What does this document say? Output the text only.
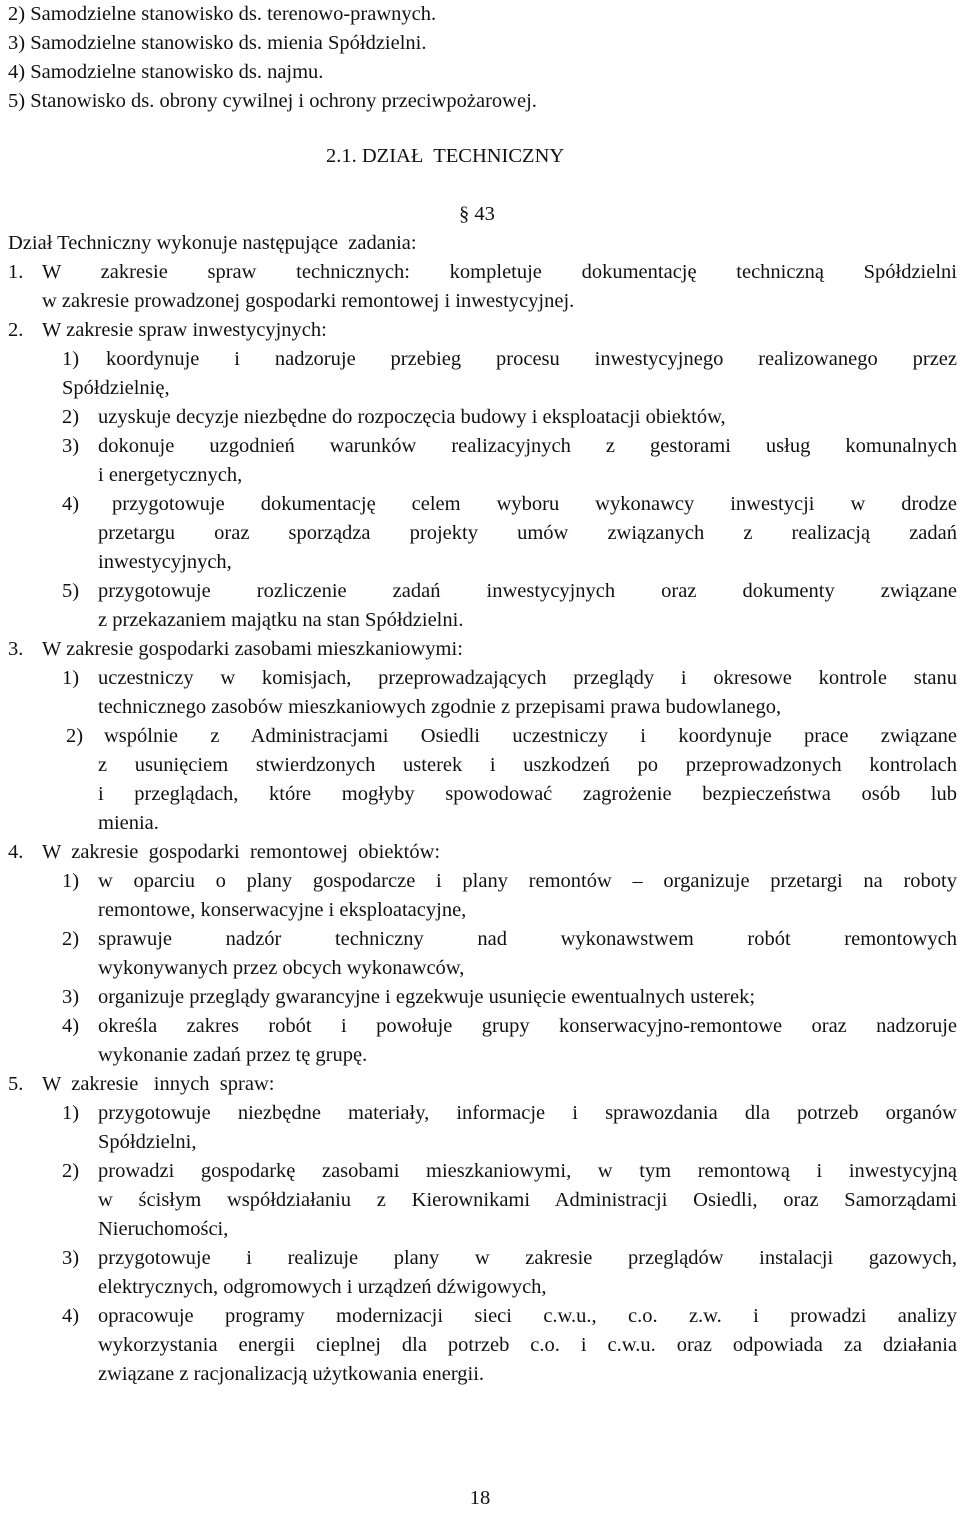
2) Samodzielne stanowisko ds. terenowo-prawnych.
3) Samodzielne stanowisko ds. mienia Spółdzielni.
4) Samodzielne stanowisko ds. najmu.
5) Stanowisko ds. obrony cywilnej i ochrony przeciwpożarowej.
2.1. DZIAŁ  TECHNICZNY
§ 43
Dział Techniczny wykonuje następujące  zadania:
1. W zakresie spraw technicznych: kompletuje dokumentację techniczną Spółdzielni
w zakresie prowadzonej gospodarki remontowej i inwestycyjnej.
2. W zakresie spraw inwestycyjnych:
1) koordynuje i nadzoruje przebieg procesu inwestycyjnego realizowanego przez
Spółdzielnię,
2) uzyskuje decyzje niezbędne do rozpoczęcia budowy i eksploatacji obiektów,
3) dokonuje uzgodnień warunków realizacyjnych z gestorami usług komunalnych
i energetycznych,
4) przygotowuje dokumentację celem wyboru wykonawcy inwestycji w drodze
przetargu oraz sporządza projekty umów związanych z realizacją zadań
inwestycyjnych,
5) przygotowuje rozliczenie zadań inwestycyjnych oraz dokumenty związane
z przekazaniem majątku na stan Spółdzielni.
3. W zakresie gospodarki zasobami mieszkaniowymi:
1) uczestniczy w komisjach, przeprowadzających przeglądy i okresowe kontrole stanu
technicznego zasobów mieszkaniowych zgodnie z przepisami prawa budowlanego,
2) wspólnie z Administracjami Osiedli uczestniczy i koordynuje prace związane
z usunięciem stwierdzonych usterek i uszkodzeń po przeprowadzonych kontrolach
i przeglądach, które mogłyby spowodować zagrożenie bezpieczeństwa osób lub
mienia.
4. W  zakresie  gospodarki  remontowej  obiektów:
1) w oparciu o plany gospodarcze i plany remontów – organizuje przetargi na roboty
remontowe, konserwacyjne i eksploatacyjne,
2) sprawuje nadzór techniczny nad wykonawstwem robót remontowych
wykonywanych przez obcych wykonawców,
3) organizuje przeglądy gwarancyjne i egzekwuje usunięcie ewentualnych usterek;
4) określa zakres robót i powołuje grupy konserwacyjno-remontowe oraz nadzoruje
wykonanie zadań przez tę grupę.
5. W  zakresie   innych  spraw:
1) przygotowuje niezbędne materiały, informacje i sprawozdania dla potrzeb organów
Spółdzielni,
2) prowadzi gospodarkę zasobami mieszkaniowymi, w tym remontową i inwestycyjną
w ścisłym współdziałaniu z Kierownikami Administracji Osiedli, oraz Samorządami
Nieruchomości,
3) przygotowuje i realizuje plany w zakresie przeglądów instalacji gazowych,
elektrycznych, odgromowych i urządzeń dźwigowych,
4) opracowuje programy modernizacji sieci c.w.u., c.o. z.w. i prowadzi analizy
wykorzystania energii cieplnej dla potrzeb c.o. i c.w.u. oraz odpowiada za działania
związane z racjonalizacją użytkowania energii.
18
